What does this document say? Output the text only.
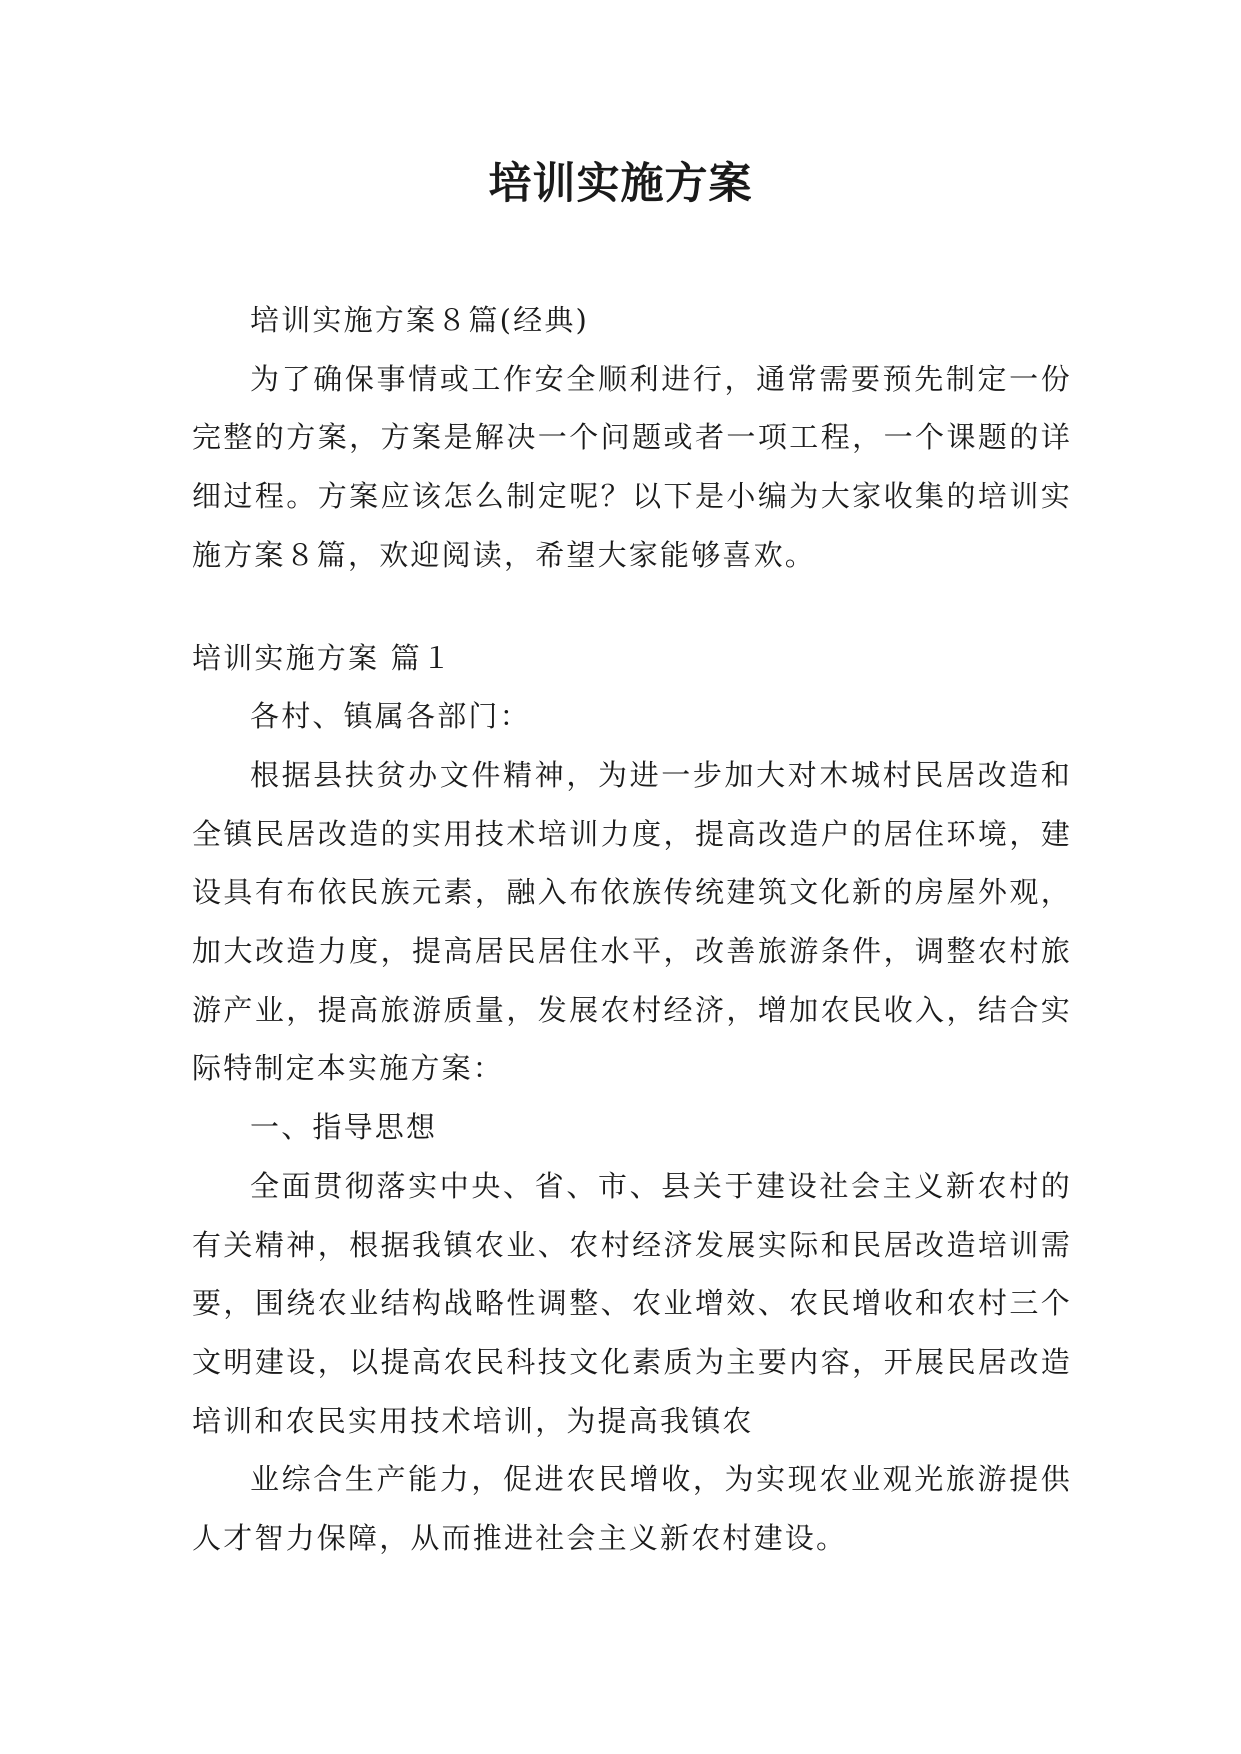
培训实施方案

培训实施方案８篇(经典)

为了确保事情或工作安全顺利进行，通常需要预先制定一份完整的方案，方案是解决一个问题或者一项工程，一个课题的详细过程。方案应该怎么制定呢？以下是小编为大家收集的培训实施方案８篇，欢迎阅读，希望大家能够喜欢。

培训实施方案 篇１

各村、镇属各部门：

根据县扶贫办文件精神，为进一步加大对木城村民居改造和全镇民居改造的实用技术培训力度，提高改造户的居住环境，建设具有布依民族元素，融入布依族传统建筑文化新的房屋外观，加大改造力度，提高居民居住水平，改善旅游条件，调整农村旅游产业，提高旅游质量，发展农村经济，增加农民收入，结合实际特制定本实施方案：

一、指导思想

全面贯彻落实中央、省、市、县关于建设社会主义新农村的有关精神，根据我镇农业、农村经济发展实际和民居改造培训需要，围绕农业结构战略性调整、农业增效、农民增收和农村三个文明建设，以提高农民科技文化素质为主要内容，开展民居改造培训和农民实用技术培训，为提高我镇农

业综合生产能力，促进农民增收，为实现农业观光旅游提供人才智力保障，从而推进社会主义新农村建设。
